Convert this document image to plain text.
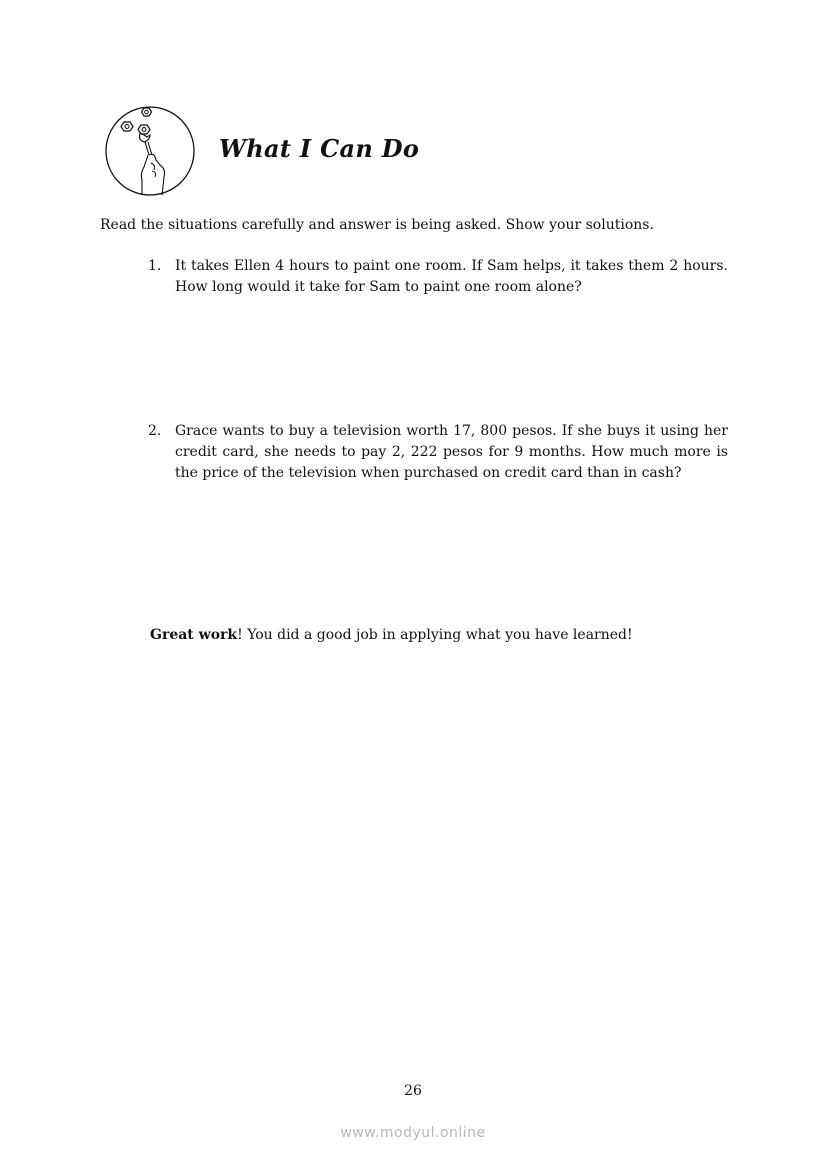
What I Can Do
Read the situations carefully and answer is being asked. Show your solutions.
1. It takes Ellen 4 hours to paint one room. If Sam helps, it takes them 2 hours. How long would it take for Sam to paint one room alone?
2. Grace wants to buy a television worth 17, 800 pesos. If she buys it using her credit card, she needs to pay 2, 222 pesos for 9 months. How much more is the price of the television when purchased on credit card than in cash?
Great work! You did a good job in applying what you have learned!
26
www.modyul.online
